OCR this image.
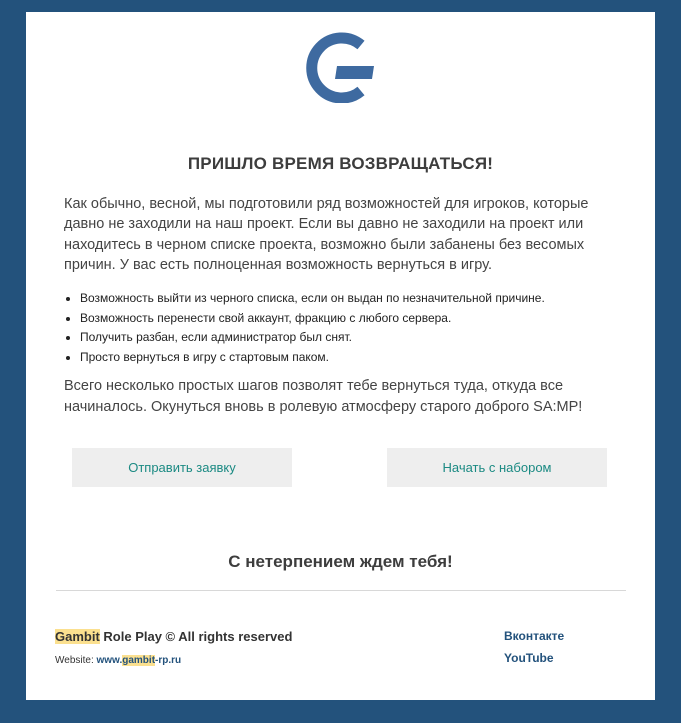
ПРИШЛО ВРЕМЯ ВОЗВРАЩАТЬСЯ!

Как обычно, весной, мы подготовили ряд возможностей для игроков, которые давно не заходили на наш проект. Если вы давно не заходили на проект или находитесь в черном списке проекта, возможно были забанены без весомых причин. У вас есть полноценная возможность вернуться в игру.

• Возможность выйти из черного списка, если он выдан по незначительной причине.
• Возможность перенести свой аккаунт, фракцию с любого сервера.
• Получить разбан, если администратор был снят.
• Просто вернуться в игру с стартовым паком.

Всего несколько простых шагов позволят тебе вернуться туда, откуда все начиналось. Окунуться вновь в ролевую атмосферу старого доброго SA:MP!

Отправить заявку	Начать с набором
С нетерпением ждем тебя!
Gambit Role Play © All rights reserved
Website: www.gambit-rp.ru
Вконтакте
YouTube
